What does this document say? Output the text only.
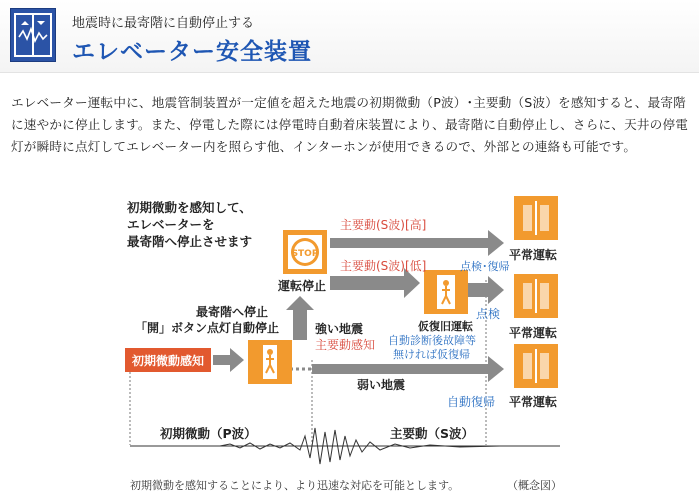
地震時に最寄階に自動停止する
エレベーター安全装置
エレベーター運転中に、地震管制装置が一定値を超えた地震の初期微動（P波）･主要動（S波）を感知すると、最寄階に速やかに停止します。また、停電した際には停電時自動着床装置により、最寄階に自動停止し、さらに、天井の停電灯が瞬時に点灯してエレベーター内を照らす他、インターホンが使用できるので、外部との連絡も可能です。
STOP
初期微動を感知して、
エレベーターを
最寄階へ停止させます
主要動(S波)[高]
主要動(S波)[低]
平常運転
平常運転
平常運転
運転停止
点検･復帰
点検
最寄階へ停止
「開」ボタン点灯自動停止	強い地震
主要動感知
仮復旧運転
自動診断後故障等
無ければ仮復帰
初期微動感知
弱い地震
自動復帰
初期微動（P波）	主要動（S波）
初期微動を感知することにより、より迅速な対応を可能とします。	（概念図）
